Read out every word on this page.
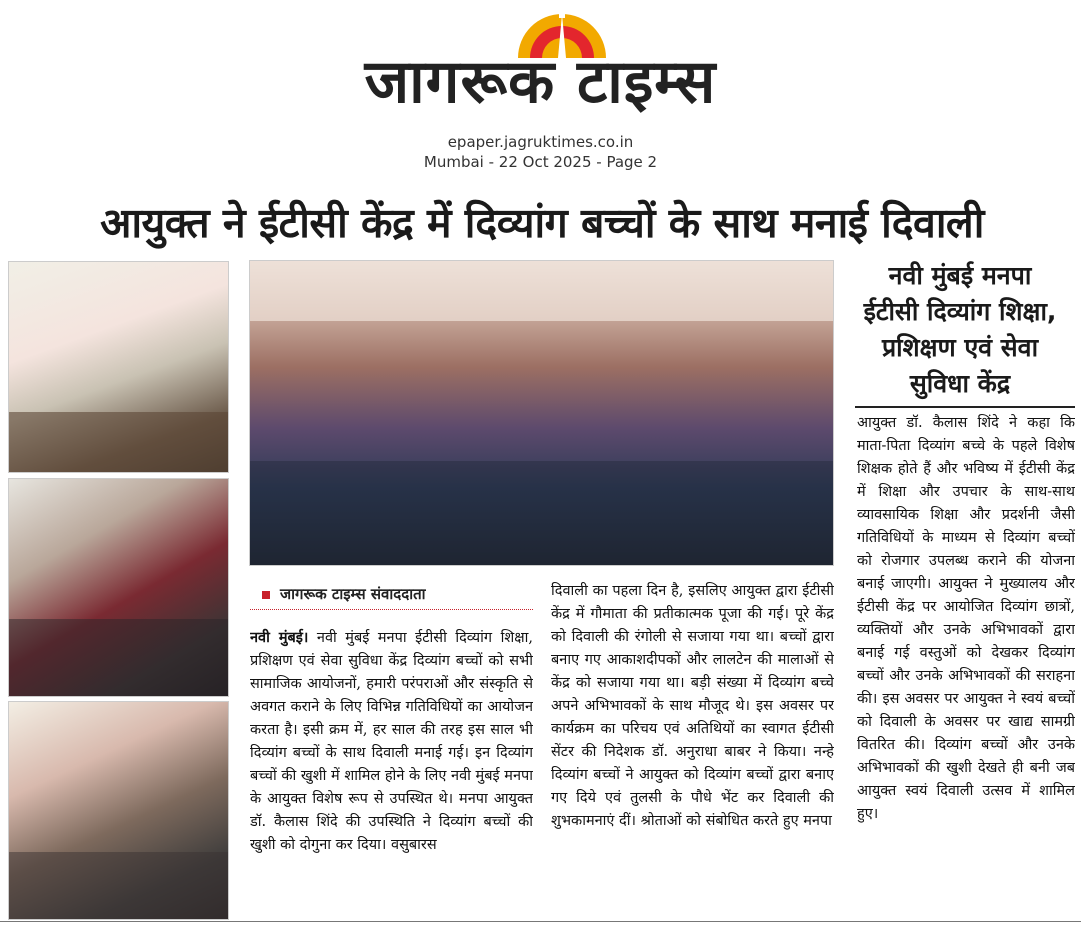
जागरूक टाइम्स
epaper.jagruktimes.co.in
Mumbai - 22 Oct 2025 - Page 2
आयुक्त ने ईटीसी केंद्र में दिव्यांग बच्चों के साथ मनाई दिवाली
नवी मुंबई मनपा
ईटीसी दिव्यांग शिक्षा,
प्रशिक्षण एवं सेवा
सुविधा केंद्र
जागरूक टाइम्स संवाददाता

नवी मुंबई। नवी मुंबई मनपा ईटीसी दिव्यांग शिक्षा, प्रशिक्षण एवं सेवा सुविधा केंद्र दिव्यांग बच्चों को सभी सामाजिक आयोजनों, हमारी परंपराओं और संस्कृति से अवगत कराने के लिए विभिन्न गतिविधियों का आयोजन करता है। इसी क्रम में, हर साल की तरह इस साल भी दिव्यांग बच्चों के साथ दिवाली मनाई गई। इन दिव्यांग बच्चों की खुशी में शामिल होने के लिए नवी मुंबई मनपा के आयुक्त विशेष रूप से उपस्थित थे। मनपा आयुक्त डॉ. कैलास शिंदे की उपस्थिति ने दिव्यांग बच्चों की खुशी को दोगुना कर दिया। वसुबारस

दिवाली का पहला दिन है, इसलिए आयुक्त द्वारा ईटीसी केंद्र में गौमाता की प्रतीकात्मक पूजा की गई। पूरे केंद्र को दिवाली की रंगोली से सजाया गया था। बच्चों द्वारा बनाए गए आकाशदीपकों और लालटेन की मालाओं से केंद्र को सजाया गया था। बड़ी संख्या में दिव्यांग बच्चे अपने अभिभावकों के साथ मौजूद थे। इस अवसर पर कार्यक्रम का परिचय एवं अतिथियों का स्वागत ईटीसी सेंटर की निदेशक डॉ. अनुराधा बाबर ने किया। नन्हे दिव्यांग बच्चों ने आयुक्त को दिव्यांग बच्चों द्वारा बनाए गए दिये एवं तुलसी के पौधे भेंट कर दिवाली की शुभकामनाएं दीं। श्रोताओं को संबोधित करते हुए मनपा

आयुक्त डॉ. कैलास शिंदे ने कहा कि माता-पिता दिव्यांग बच्चे के पहले विशेष शिक्षक होते हैं और भविष्य में ईटीसी केंद्र में शिक्षा और उपचार के साथ-साथ व्यावसायिक शिक्षा और प्रदर्शनी जैसी गतिविधियों के माध्यम से दिव्यांग बच्चों को रोजगार उपलब्ध कराने की योजना बनाई जाएगी। आयुक्त ने मुख्यालय और ईटीसी केंद्र पर आयोजित दिव्यांग छात्रों, व्यक्तियों और उनके अभिभावकों द्वारा बनाई गई वस्तुओं को देखकर दिव्यांग बच्चों और उनके अभिभावकों की सराहना की। इस अवसर पर आयुक्त ने स्वयं बच्चों को दिवाली के अवसर पर खाद्य सामग्री वितरित की। दिव्यांग बच्चों और उनके अभिभावकों की खुशी देखते ही बनी जब आयुक्त स्वयं दिवाली उत्सव में शामिल हुए।
